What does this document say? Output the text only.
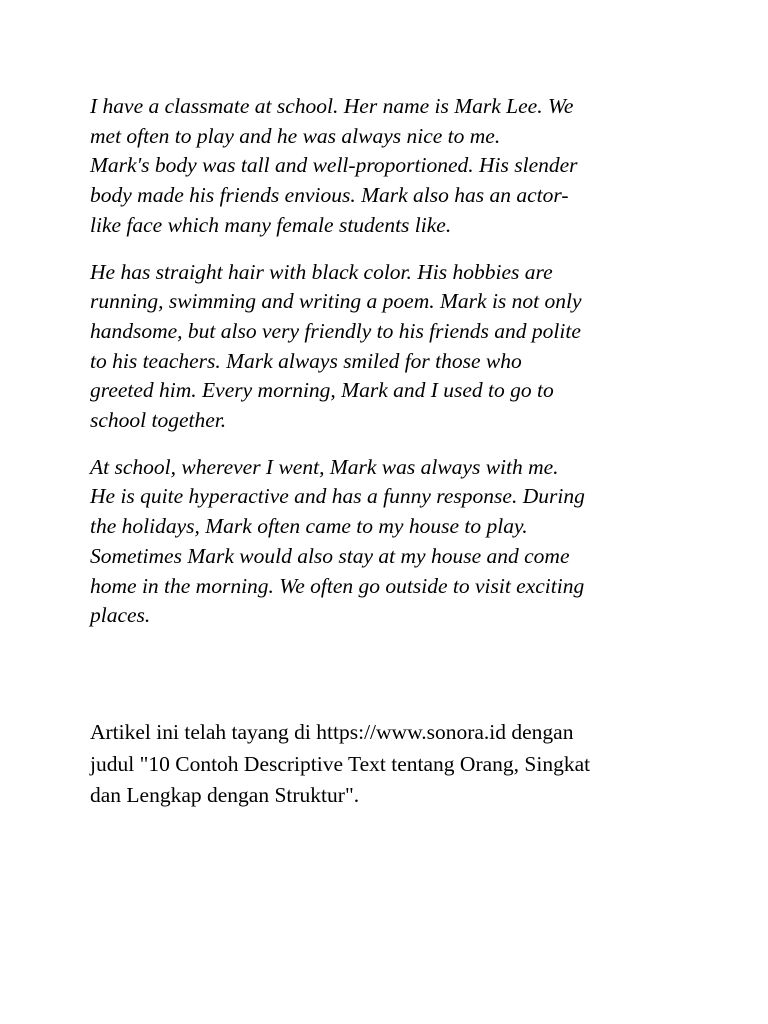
I have a classmate at school. Her name is Mark Lee. We
met often to play and he was always nice to me.
Mark's body was tall and well-proportioned. His slender
body made his friends envious. Mark also has an actor-
like face which many female students like.

He has straight hair with black color. His hobbies are
running, swimming and writing a poem. Mark is not only
handsome, but also very friendly to his friends and polite
to his teachers. Mark always smiled for those who
greeted him. Every morning, Mark and I used to go to
school together.

At school, wherever I went, Mark was always with me.
He is quite hyperactive and has a funny response. During
the holidays, Mark often came to my house to play.
Sometimes Mark would also stay at my house and come
home in the morning. We often go outside to visit exciting
places.

Artikel ini telah tayang di https://www.sonora.id dengan
judul "10 Contoh Descriptive Text tentang Orang, Singkat
dan Lengkap dengan Struktur".
